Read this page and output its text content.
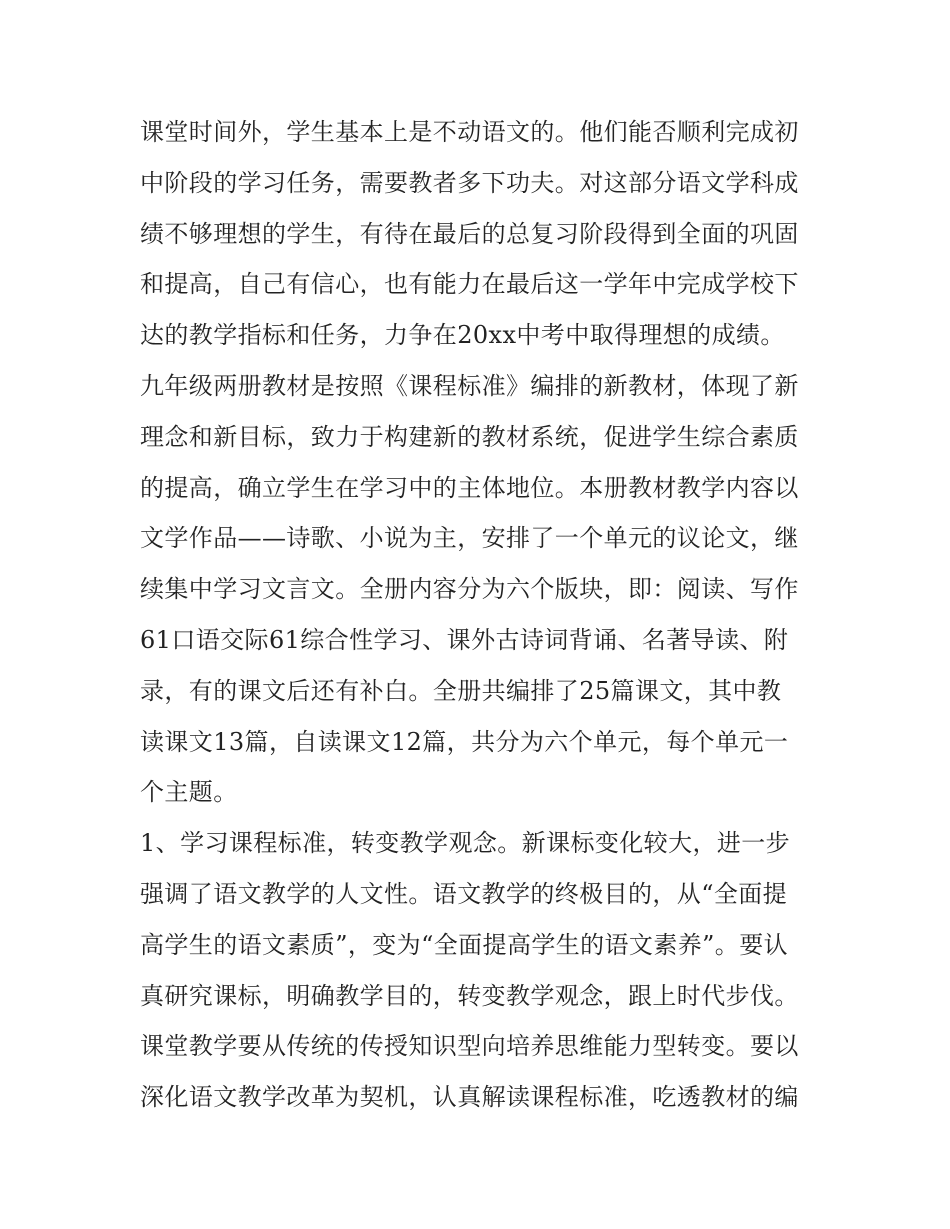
课堂时间外，学生基本上是不动语文的。他们能否顺利完成初
中阶段的学习任务，需要教者多下功夫。对这部分语文学科成
绩不够理想的学生，有待在最后的总复习阶段得到全面的巩固
和提高，自己有信心，也有能力在最后这一学年中完成学校下
达的教学指标和任务，力争在20xx中考中取得理想的成绩。
九年级两册教材是按照《课程标准》编排的新教材，体现了新
理念和新目标，致力于构建新的教材系统，促进学生综合素质
的提高，确立学生在学习中的主体地位。本册教材教学内容以
文学作品——诗歌、小说为主，安排了一个单元的议论文，继
续集中学习文言文。全册内容分为六个版块，即：阅读、写作
61口语交际61综合性学习、课外古诗词背诵、名著导读、附
录，有的课文后还有补白。全册共编排了25篇课文，其中教
读课文13篇，自读课文12篇，共分为六个单元，每个单元一
个主题。
1、学习课程标准，转变教学观念。新课标变化较大，进一步
强调了语文教学的人文性。语文教学的终极目的，从“全面提
高学生的语文素质”，变为“全面提高学生的语文素养”。要认
真研究课标，明确教学目的，转变教学观念，跟上时代步伐。
课堂教学要从传统的传授知识型向培养思维能力型转变。要以
深化语文教学改革为契机，认真解读课程标准，吃透教材的编
